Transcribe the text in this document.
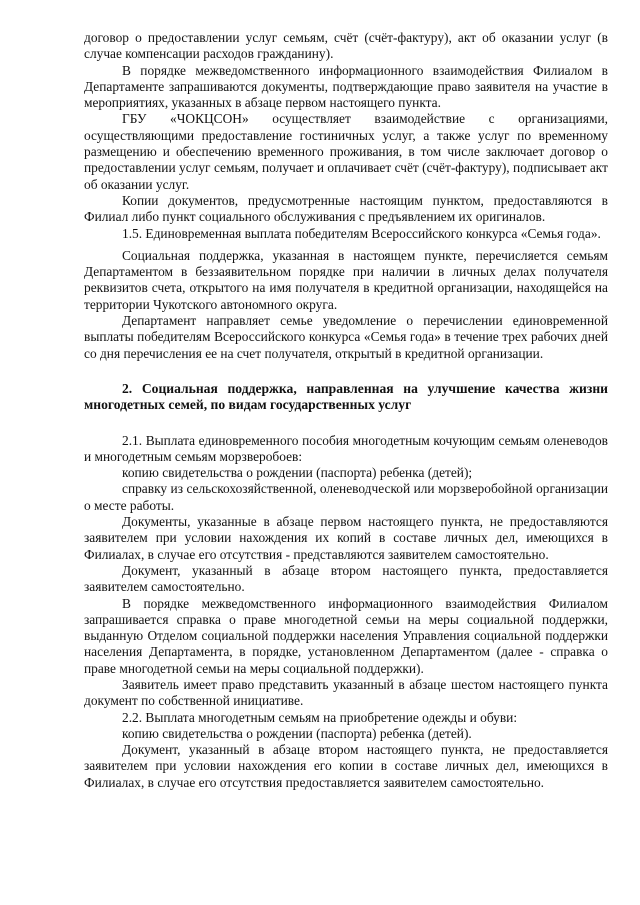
договор о предоставлении услуг семьям, счёт (счёт-фактуру), акт об оказании услуг (в случае компенсации расходов гражданину).

В порядке межведомственного информационного взаимодействия Филиалом в Департаменте запрашиваются документы, подтверждающие право заявителя на участие в мероприятиях, указанных в абзаце первом настоящего пункта.

ГБУ «ЧОКЦСОН» осуществляет взаимодействие с организациями, осуществляющими предоставление гостиничных услуг, а также услуг по временному размещению и обеспечению временного проживания, в том числе заключает договор о предоставлении услуг семьям, получает и оплачивает счёт (счёт-фактуру), подписывает акт об оказании услуг.

Копии документов, предусмотренные настоящим пунктом, предоставляются в Филиал либо пункт социального обслуживания с предъявлением их оригиналов.

1.5. Единовременная выплата победителям Всероссийского конкурса «Семья года».

Социальная поддержка, указанная в настоящем пункте, перечисляется семьям Департаментом в беззаявительном порядке при наличии в личных делах получателя реквизитов счета, открытого на имя получателя в кредитной организации, находящейся на территории Чукотского автономного округа.

Департамент направляет семье уведомление о перечислении единовременной выплаты победителям Всероссийского конкурса «Семья года» в течение трех рабочих дней со дня перечисления ее на счет получателя, открытый в кредитной организации.

2. Социальная поддержка, направленная на улучшение качества жизни многодетных семей, по видам государственных услуг

2.1. Выплата единовременного пособия многодетным кочующим семьям оленеводов и многодетным семьям морзверобоев:

копию свидетельства о рождении (паспорта) ребенка (детей);

справку из сельскохозяйственной, оленеводческой или морзверобойной организации о месте работы.

Документы, указанные в абзаце первом настоящего пункта, не предоставляются заявителем при условии нахождения их копий в составе личных дел, имеющихся в Филиалах, в случае его отсутствия - представляются заявителем самостоятельно.

Документ, указанный в абзаце втором настоящего пункта, предоставляется заявителем самостоятельно.

В порядке межведомственного информационного взаимодействия Филиалом запрашивается справка о праве многодетной семьи на меры социальной поддержки, выданную Отделом социальной поддержки населения Управления социальной поддержки населения Департамента, в порядке, установленном Департаментом (далее - справка о праве многодетной семьи на меры социальной поддержки).

Заявитель имеет право представить указанный в абзаце шестом настоящего пункта документ по собственной инициативе.

2.2. Выплата многодетным семьям на приобретение одежды и обуви:

копию свидетельства о рождении (паспорта) ребенка (детей).

Документ, указанный в абзаце втором настоящего пункта, не предоставляется заявителем при условии нахождения его копии в составе личных дел, имеющихся в Филиалах, в случае его отсутствия предоставляется заявителем самостоятельно.
